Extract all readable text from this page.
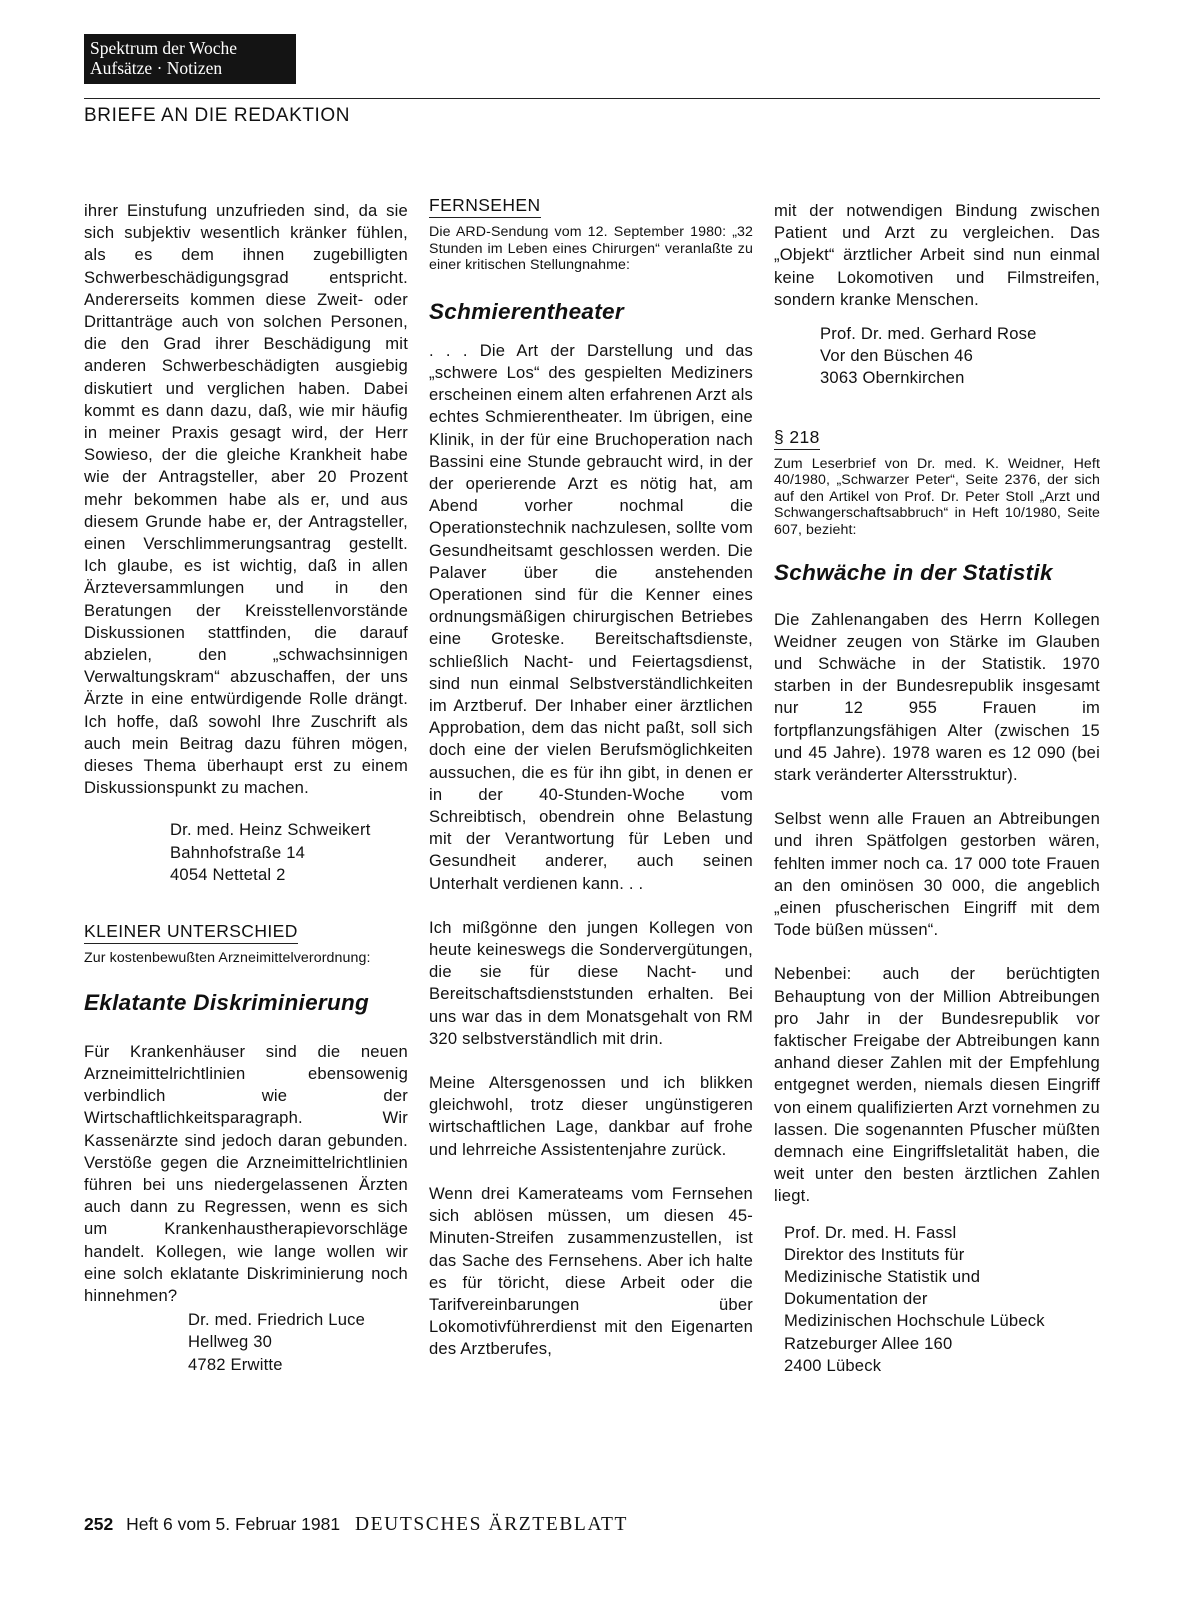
Spektrum der Woche
Aufsätze · Notizen
BRIEFE AN DIE REDAKTION

ihrer Einstufung unzufrieden sind, da sie sich subjektiv wesentlich kränker fühlen, als es dem ihnen zugebilligten Schwerbeschädigungsgrad entspricht. Andererseits kommen diese Zweit- oder Drittanträge auch von solchen Personen, die den Grad ihrer Beschädigung mit anderen Schwerbeschädigten ausgiebig diskutiert und verglichen haben. Dabei kommt es dann dazu, daß, wie mir häufig in meiner Praxis gesagt wird, der Herr Sowieso, der die gleiche Krankheit habe wie der Antragsteller, aber 20 Prozent mehr bekommen habe als er, und aus diesem Grunde habe er, der Antragsteller, einen Verschlimmerungsantrag gestellt. Ich glaube, es ist wichtig, daß in allen Ärzteversammlungen und in den Beratungen der Kreisstellenvorstände Diskussionen stattfinden, die darauf abzielen, den „schwachsinnigen Verwaltungskram“ abzuschaffen, der uns Ärzte in eine entwürdigende Rolle drängt. Ich hoffe, daß sowohl Ihre Zuschrift als auch mein Beitrag dazu führen mögen, dieses Thema überhaupt erst zu einem Diskussionspunkt zu machen.

Dr. med. Heinz Schweikert
Bahnhofstraße 14
4054 Nettetal 2
KLEINER UNTERSCHIED

Zur kostenbewußten Arzneimittelverordnung:

Eklatante Diskriminierung

Für Krankenhäuser sind die neuen Arzneimittelrichtlinien ebensowenig verbindlich wie der Wirtschaftlichkeitsparagraph. Wir Kassenärzte sind jedoch daran gebunden. Verstöße gegen die Arzneimittelrichtlinien führen bei uns niedergelassenen Ärzten auch dann zu Regressen, wenn es sich um Krankenhaustherapievorschläge handelt. Kollegen, wie lange wollen wir eine solch eklatante Diskriminierung noch hinnehmen?

Dr. med. Friedrich Luce
Hellweg 30
4782 Erwitte
FERNSEHEN

Die ARD-Sendung vom 12. September 1980: „32 Stunden im Leben eines Chirurgen“ veranlaßte zu einer kritischen Stellungnahme:

Schmierentheater

. . . Die Art der Darstellung und das „schwere Los“ des gespielten Mediziners erscheinen einem alten erfahrenen Arzt als echtes Schmierentheater. Im übrigen, eine Klinik, in der für eine Bruchoperation nach Bassini eine Stunde gebraucht wird, in der der operierende Arzt es nötig hat, am Abend vorher nochmal die Operationstechnik nachzulesen, sollte vom Gesundheitsamt geschlossen werden. Die Palaver über die anstehenden Operationen sind für die Kenner eines ordnungsmäßigen chirurgischen Betriebes eine Groteske. Bereitschaftsdienste, schließlich Nacht- und Feiertagsdienst, sind nun einmal Selbstverständlichkeiten im Arztberuf. Der Inhaber einer ärztlichen Approbation, dem das nicht paßt, soll sich doch eine der vielen Berufsmöglichkeiten aussuchen, die es für ihn gibt, in denen er in der 40-Stunden-Woche vom Schreibtisch, obendrein ohne Belastung mit der Verantwortung für Leben und Gesundheit anderer, auch seinen Unterhalt verdienen kann. . .

Ich mißgönne den jungen Kollegen von heute keineswegs die Sondervergütungen, die sie für diese Nacht- und Bereitschaftsdienststunden erhalten. Bei uns war das in dem Monatsgehalt von RM 320 selbstverständlich mit drin.

Meine Altersgenossen und ich blikken gleichwohl, trotz dieser ungünstigeren wirtschaftlichen Lage, dankbar auf frohe und lehrreiche Assistentenjahre zurück.

Wenn drei Kamerateams vom Fernsehen sich ablösen müssen, um diesen 45-Minuten-Streifen zusammenzustellen, ist das Sache des Fernsehens. Aber ich halte es für töricht, diese Arbeit oder die Tarifvereinbarungen über Lokomotivführerdienst mit den Eigenarten des Arztberufes,

mit der notwendigen Bindung zwischen Patient und Arzt zu vergleichen. Das „Objekt“ ärztlicher Arbeit sind nun einmal keine Lokomotiven und Filmstreifen, sondern kranke Menschen.

Prof. Dr. med. Gerhard Rose
Vor den Büschen 46
3063 Obernkirchen
§ 218

Zum Leserbrief von Dr. med. K. Weidner, Heft 40/1980, „Schwarzer Peter“, Seite 2376, der sich auf den Artikel von Prof. Dr. Peter Stoll „Arzt und Schwangerschaftsabbruch“ in Heft 10/1980, Seite 607, bezieht:

Schwäche in der Statistik

Die Zahlenangaben des Herrn Kollegen Weidner zeugen von Stärke im Glauben und Schwäche in der Statistik. 1970 starben in der Bundesrepublik insgesamt nur 12 955 Frauen im fortpflanzungsfähigen Alter (zwischen 15 und 45 Jahre). 1978 waren es 12 090 (bei stark veränderter Altersstruktur).

Selbst wenn alle Frauen an Abtreibungen und ihren Spätfolgen gestorben wären, fehlten immer noch ca. 17 000 tote Frauen an den ominösen 30 000, die angeblich „einen pfuscherischen Eingriff mit dem Tode büßen müssen“.

Nebenbei: auch der berüchtigten Behauptung von der Million Abtreibungen pro Jahr in der Bundesrepublik vor faktischer Freigabe der Abtreibungen kann anhand dieser Zahlen mit der Empfehlung entgegnet werden, niemals diesen Eingriff von einem qualifizierten Arzt vornehmen zu lassen. Die sogenannten Pfuscher müßten demnach eine Eingriffsletalität haben, die weit unter den besten ärztlichen Zahlen liegt.

Prof. Dr. med. H. Fassl
Direktor des Instituts für
Medizinische Statistik und
Dokumentation der
Medizinischen Hochschule Lübeck
Ratzeburger Allee 160
2400 Lübeck
252 Heft 6 vom 5. Februar 1981 DEUTSCHES ÄRZTEBLATT
